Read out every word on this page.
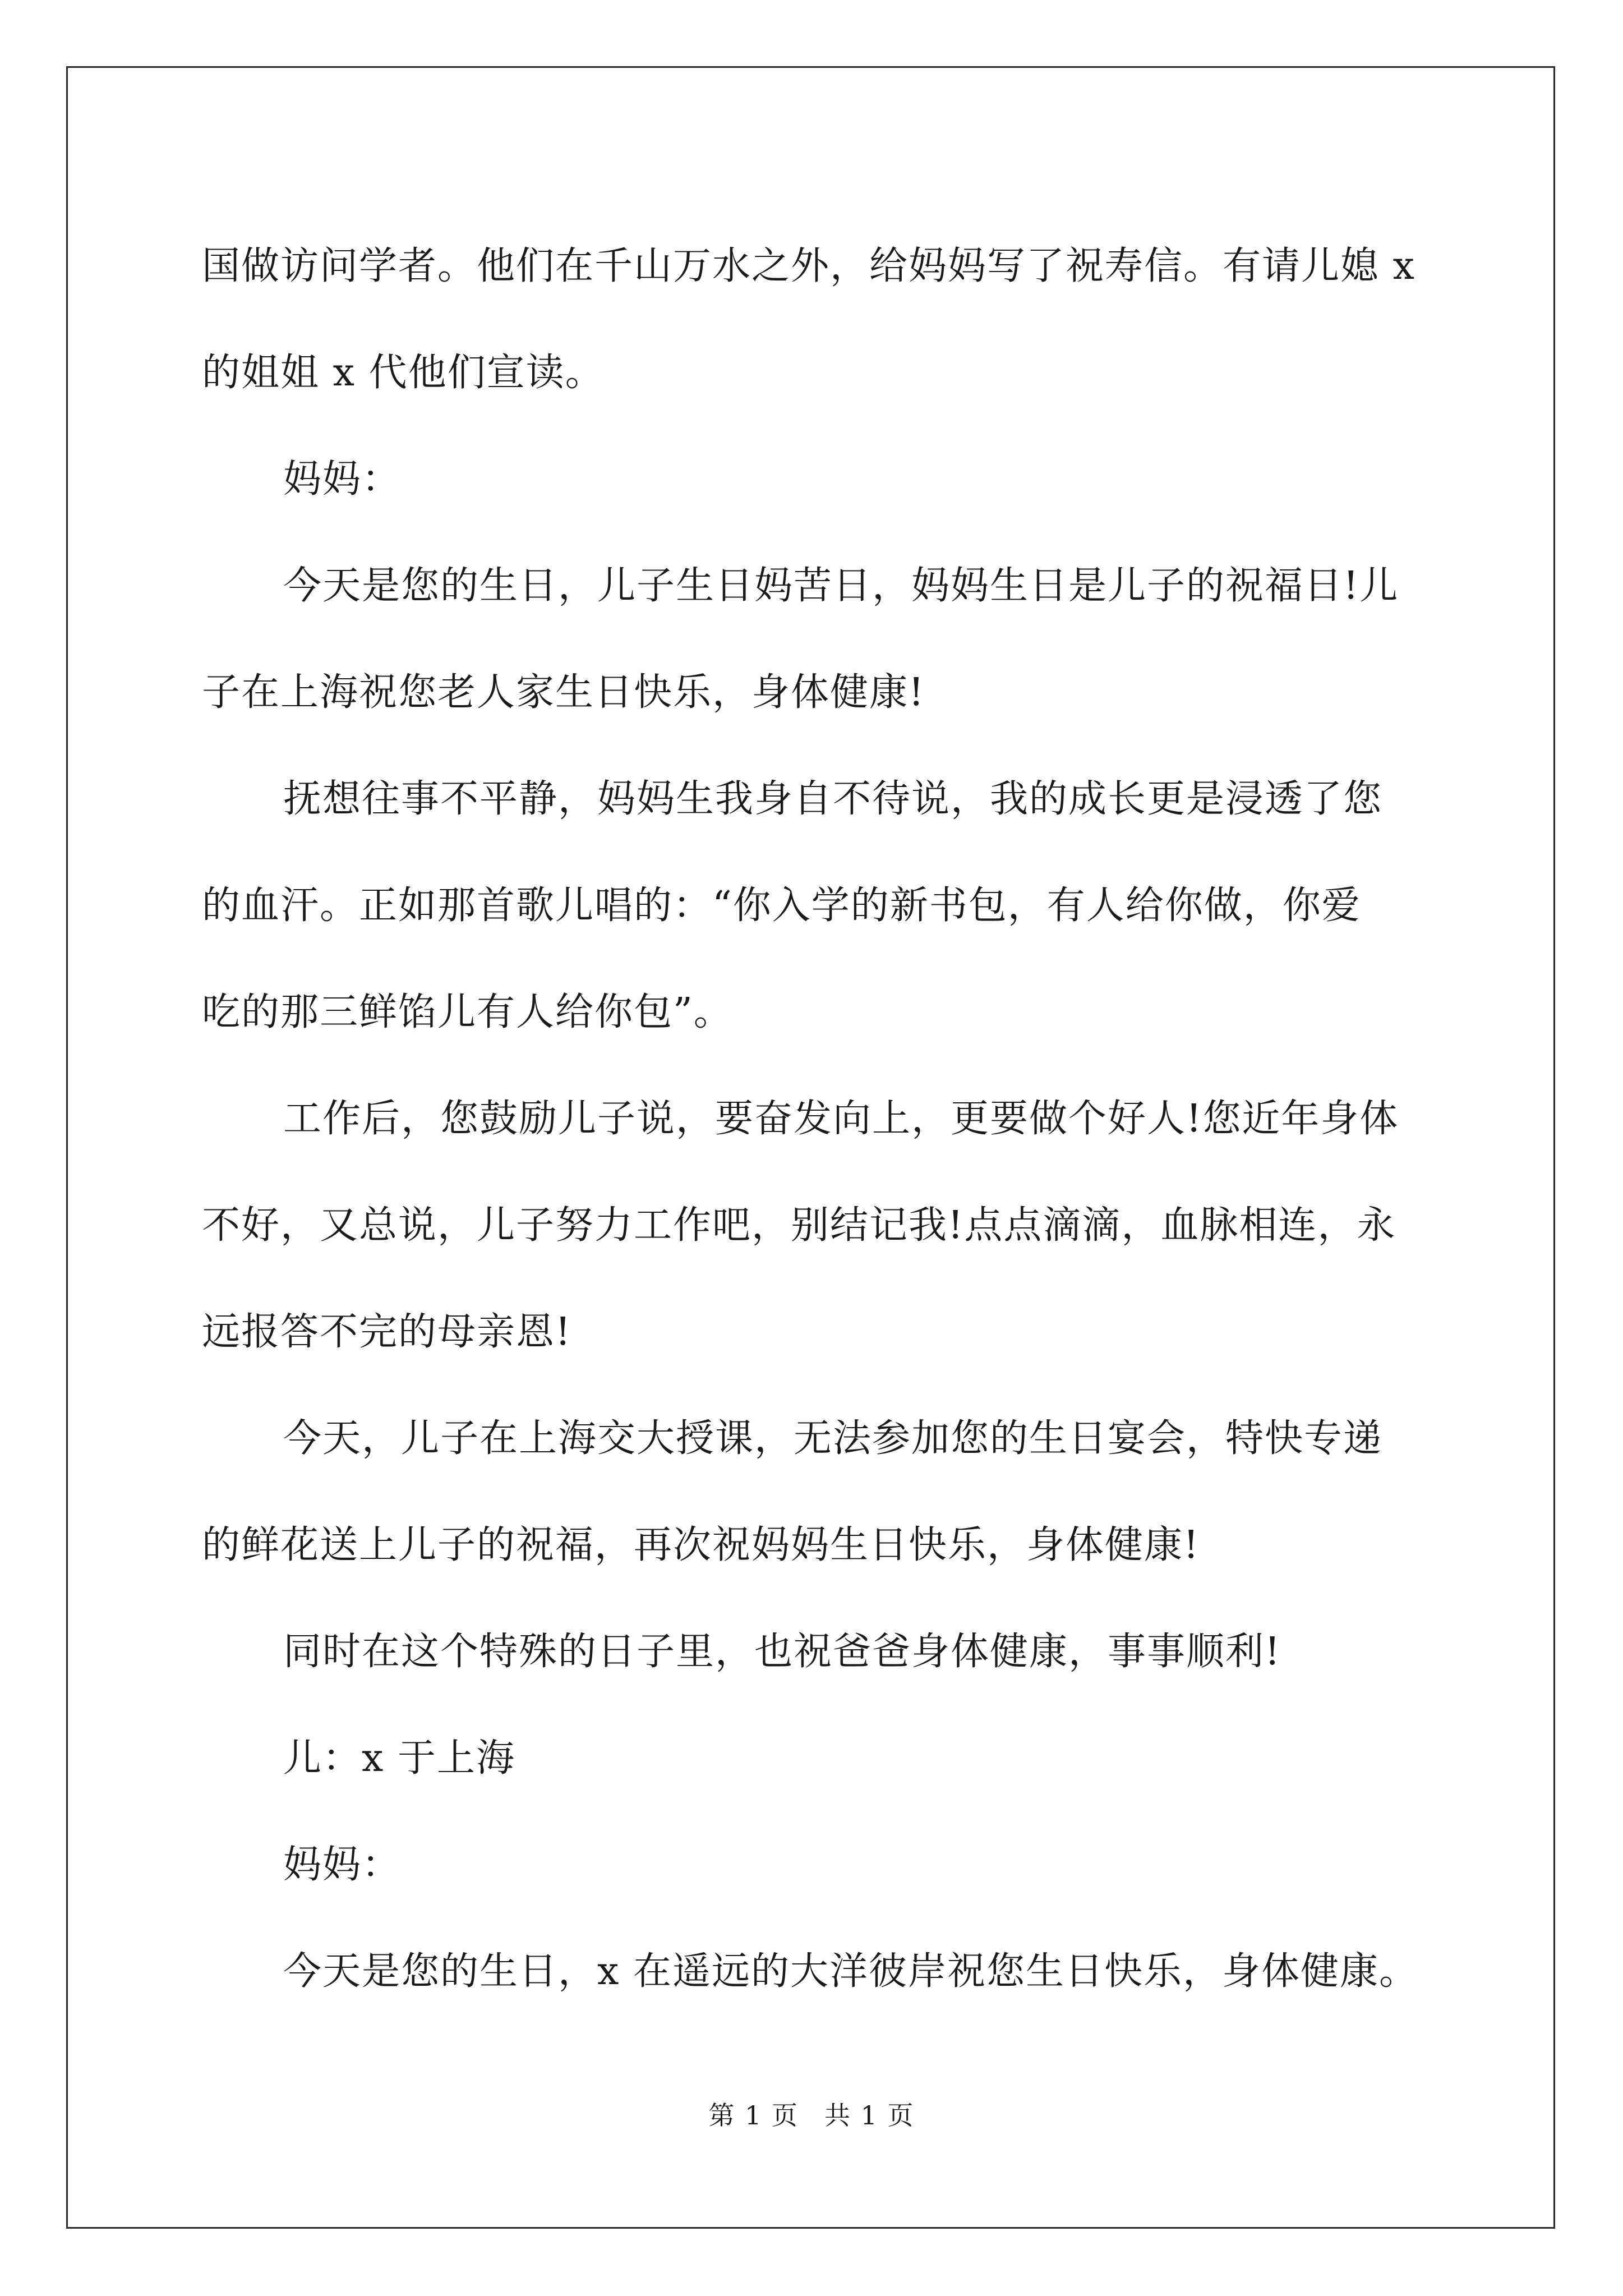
国做访问学者。他们在千山万水之外，给妈妈写了祝寿信。有请儿媳 x

的姐姐 x 代他们宣读。

妈妈：

今天是您的生日，儿子生日妈苦日，妈妈生日是儿子的祝福日!儿

子在上海祝您老人家生日快乐，身体健康!

抚想往事不平静，妈妈生我身自不待说，我的成长更是浸透了您

的血汗。正如那首歌儿唱的：“你入学的新书包，有人给你做，你爱

吃的那三鲜馅儿有人给你包”。

工作后，您鼓励儿子说，要奋发向上，更要做个好人!您近年身体

不好，又总说，儿子努力工作吧，别结记我!点点滴滴，血脉相连，永

远报答不完的母亲恩!

今天，儿子在上海交大授课，无法参加您的生日宴会，特快专递

的鲜花送上儿子的祝福，再次祝妈妈生日快乐，身体健康!

同时在这个特殊的日子里，也祝爸爸身体健康，事事顺利!

儿：x 于上海

妈妈：

今天是您的生日，x 在遥远的大洋彼岸祝您生日快乐，身体健康。

第 1 页 共 1 页
